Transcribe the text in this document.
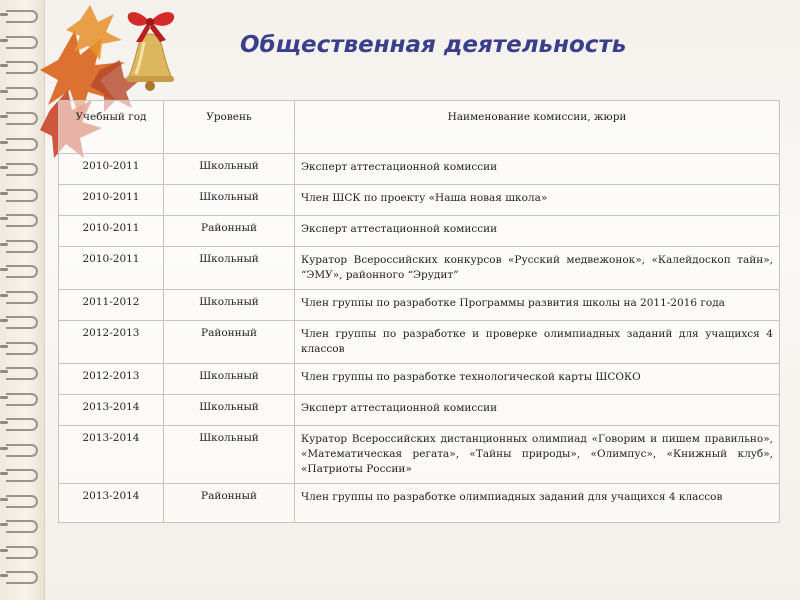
Общественная деятельность
Учебный год	Уровень	Наименование комиссии, жюри
2010-2011	Школьный	Эксперт аттестационной комиссии
2010-2011	Школьный	Член ШСК по проекту «Наша новая школа»
2010-2011	Районный	Эксперт аттестационной комиссии
2010-2011	Школьный	Куратор Всероссийских конкурсов «Русский медвежонок», «Калейдоскоп тайн», “ЭМУ», районного “Эрудит”
2011-2012	Школьный	Член группы по разработке Программы развития школы на 2011-2016 года
2012-2013	Районный	Член группы по разработке и проверке олимпиадных заданий для учащихся 4 классов
2012-2013	Школьный	Член группы по разработке технологической карты ШСОКО
2013-2014	Школьный	Эксперт аттестационной комиссии
2013-2014	Школьный	Куратор Всероссийских дистанционных олимпиад «Говорим и пишем правильно», «Математическая регата», «Тайны природы», «Олимпус», «Книжный клуб», «Патриоты России»
2013-2014	Районный	Член группы по разработке олимпиадных заданий для учащихся 4 классов
